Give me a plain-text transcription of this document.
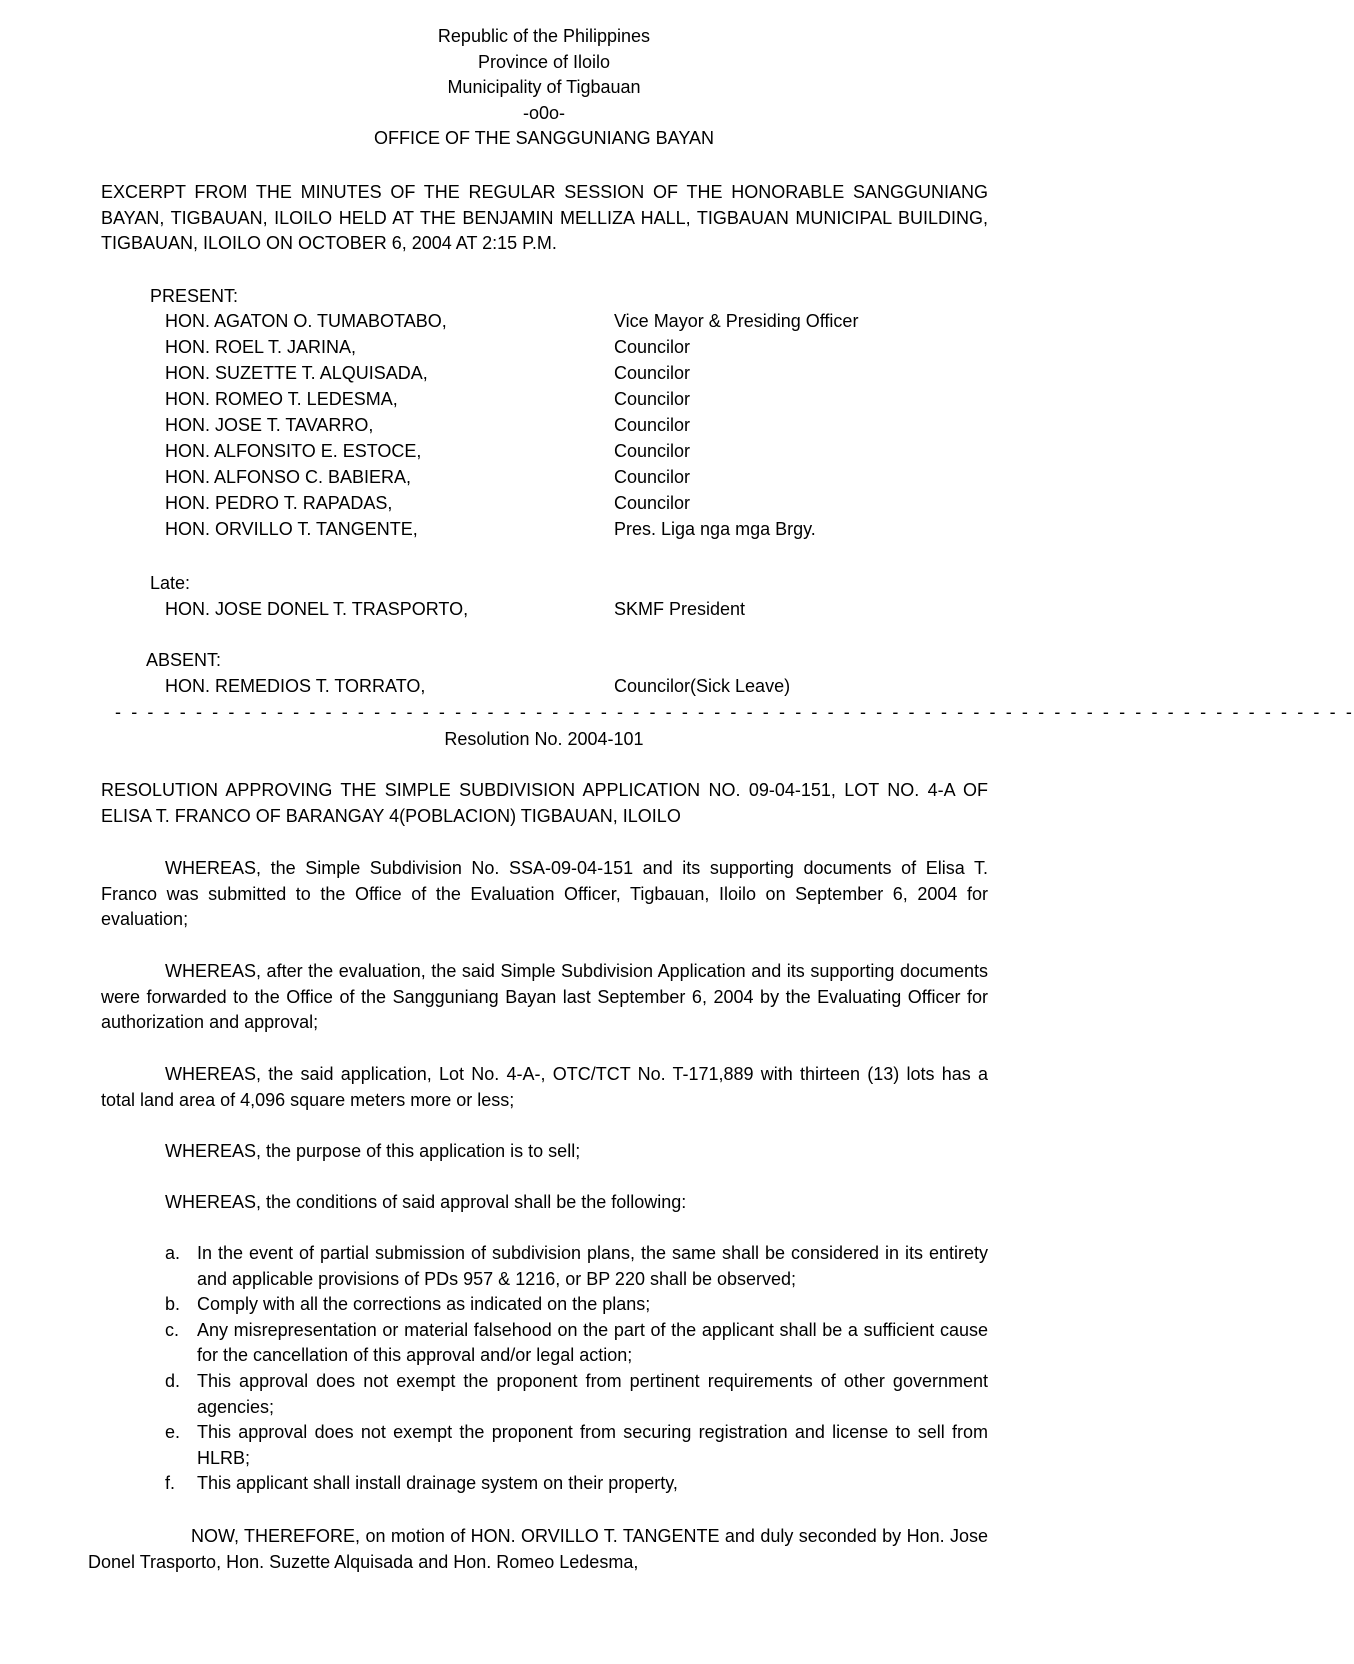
Republic of the Philippines
Province of Iloilo
Municipality of Tigbauan
-o0o-
OFFICE OF THE SANGGUNIANG BAYAN

EXCERPT FROM THE MINUTES OF THE REGULAR SESSION OF THE HONORABLE SANGGUNIANG BAYAN, TIGBAUAN, ILOILO HELD AT THE BENJAMIN MELLIZA HALL, TIGBAUAN MUNICIPAL BUILDING, TIGBAUAN, ILOILO ON OCTOBER 6, 2004 AT 2:15 P.M.

PRESENT:
HON. AGATON O. TUMABOTABO,	Vice Mayor & Presiding Officer
HON. ROEL T. JARINA,	Councilor
HON. SUZETTE T. ALQUISADA,	Councilor
HON. ROMEO T. LEDESMA,	Councilor
HON. JOSE T. TAVARRO,	Councilor
HON. ALFONSITO E. ESTOCE,	Councilor
HON. ALFONSO C. BABIERA,	Councilor
HON. PEDRO T. RAPADAS,	Councilor
HON. ORVILLO T. TANGENTE,	Pres. Liga nga mga Brgy.
Late:
HON. JOSE DONEL T. TRASPORTO,	SKMF President
ABSENT:
HON. REMEDIOS T. TORRATO,	Councilor(Sick Leave)
- - - - - - - - - - - - - - - - - - - - - - - - - - - - - - - - - - - - - - - - - - - - - - - - - - - - - - - - - - - - - - - - - - - - - - - - - - - - -
Resolution No. 2004-101

RESOLUTION APPROVING THE SIMPLE SUBDIVISION APPLICATION NO. 09-04-151, LOT NO. 4-A OF ELISA T. FRANCO OF BARANGAY 4(POBLACION) TIGBAUAN, ILOILO

WHEREAS, the Simple Subdivision No. SSA-09-04-151 and its supporting documents of Elisa T. Franco was submitted to the Office of the Evaluation Officer, Tigbauan, Iloilo on September 6, 2004 for evaluation;

WHEREAS, after the evaluation, the said Simple Subdivision Application and its supporting documents were forwarded to the Office of the Sangguniang Bayan last September 6, 2004 by the Evaluating Officer for authorization and approval;

WHEREAS, the said application, Lot No. 4-A-, OTC/TCT No. T-171,889 with thirteen (13) lots has a total land area of 4,096 square meters more or less;

WHEREAS, the purpose of this application is to sell;

WHEREAS, the conditions of said approval shall be the following:

a. In the event of partial submission of subdivision plans, the same shall be considered in its entirety and applicable provisions of PDs 957 & 1216, or BP 220 shall be observed;
b. Comply with all the corrections as indicated on the plans;
c. Any misrepresentation or material falsehood on the part of the applicant shall be a sufficient cause for the cancellation of this approval and/or legal action;
d. This approval does not exempt the proponent from pertinent requirements of other government agencies;
e. This approval does not exempt the proponent from securing registration and license to sell from HLRB;
f. This applicant shall install drainage system on their property,

NOW, THEREFORE, on motion of HON. ORVILLO T. TANGENTE and duly seconded by Hon. Jose Donel Trasporto, Hon. Suzette Alquisada and Hon. Romeo Ledesma,
